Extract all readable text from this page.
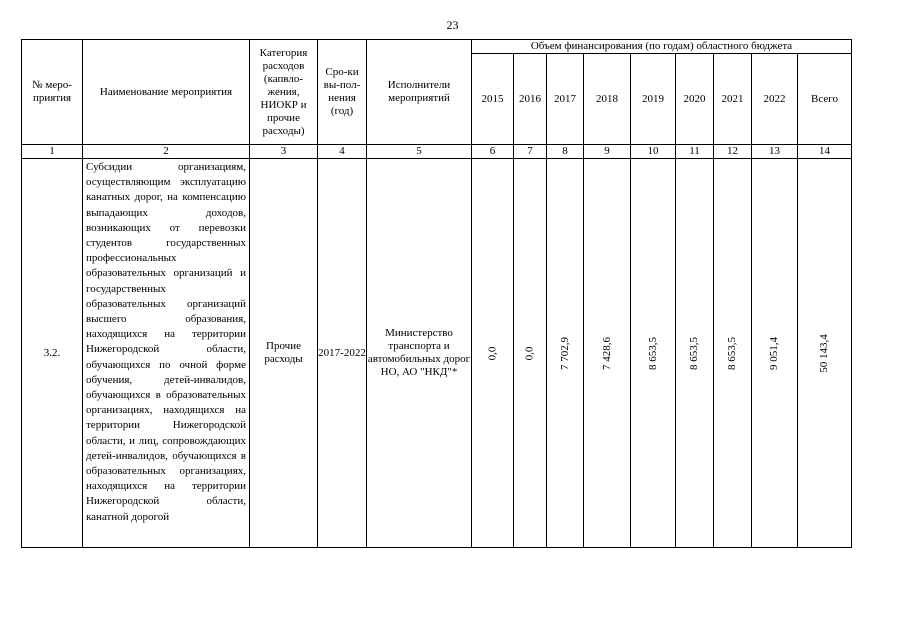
23
№ меро-приятия	Наименование мероприятия	Категория расходов (капвло-жения, НИОКР и прочие расходы)	Сро-ки вы-пол-нения (год)	Исполнители мероприятий	Объем финансирования (по годам) областного бюджета								
					2015	2016	2017	2018	2019	2020	2021	2022	Всего
1	2	3	4	5	6	7	8	9	10	11	12	13	14
3.2.	Субсидии организациям, осуществляющим эксплуатацию канатных дорог, на компенсацию выпадающих доходов, возникающих от перевозки студентов государственных профессиональных образовательных организаций и государственных образовательных организаций высшего образования, находящихся на территории Нижегородской области, обучающихся по очной форме обучения, детей-инвалидов, обучающихся в образовательных организациях, находящихся на территории Нижегородской области, и лиц, сопровождающих детей-инвалидов, обучающихся в образовательных организациях, находящихся на территории Нижегородской области, канатной дорогой	Прочие расходы	2017-2022	Министерство транспорта и автомобильных дорог НО, АО "НКД"*	0,0	0,0	7 702,9	7 428,6	8 653,5	8 653,5	8 653,5	9 051,4	50 143,4
